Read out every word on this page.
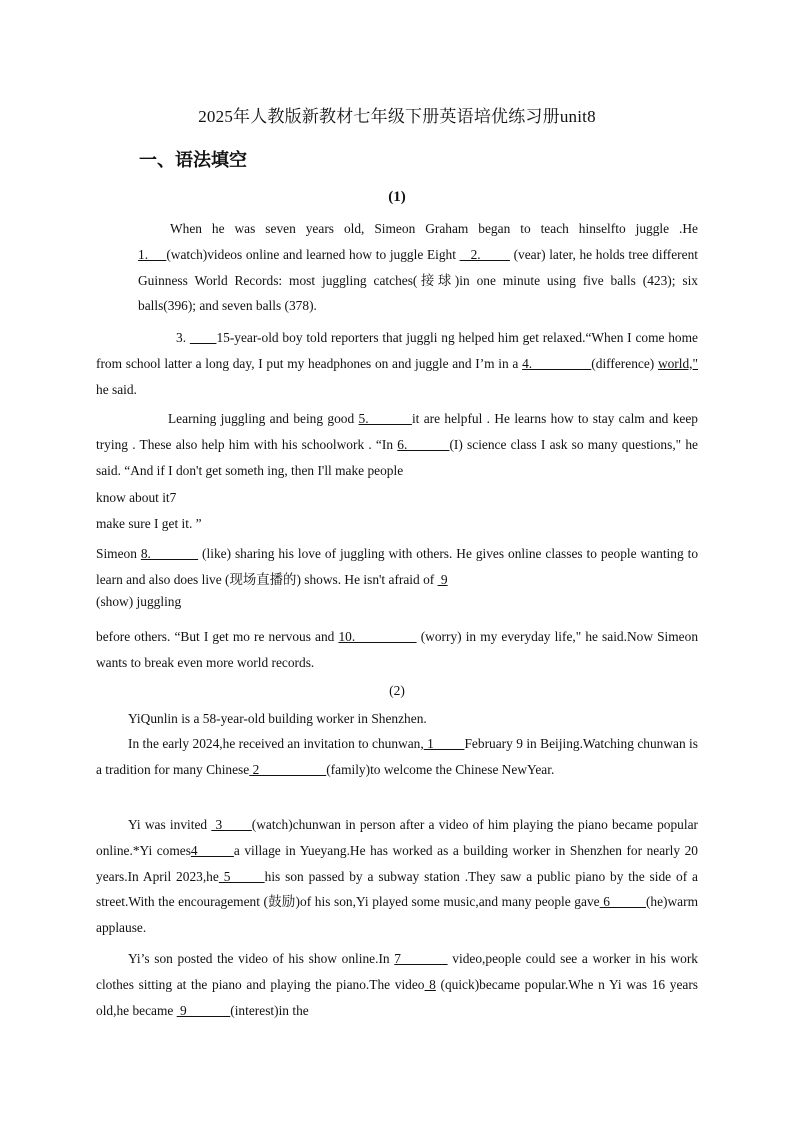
2025年人教版新教材七年级下册英语培优练习册unit8
一、语法填空
(1)

When he was seven years old, Simeon Graham began to teach hinselfto juggle .He 1.     (watch)videos online and learned how to juggle Eight    2.         (vear) later, he holds tree different Guinness World Records: most juggling catches(接球)in one minute using five balls (423); six balls(396); and seven balls (378).

3.        15-year-old boy told reporters that juggli ng helped him get relaxed.“When I come home from school latter a long day, I put my headphones on and juggle and I’m in a 4.                (difference) world," he said.

Learning juggling and being good 5.          it are helpful . He learns how to stay calm and keep trying . These also help him with his schoolwork . “In 6.          (I) science class I ask so many questions," he said. “And if I don't get someth ing, then I'll make people

know about it7

make sure I get it. ”

Simeon 8.             (like) sharing his love of juggling with others. He gives online classes to people wanting to learn and also does live (现场直播的) shows. He isn't afraid of  9

(show) juggling

before others. “But I get mo re nervous and 10.                (worry) in my everyday life," he said.Now Simeon wants to break even more world records.

(2)

YiQunlin is a 58-year-old building worker in Shenzhen.

In the early 2024,he received an invitation to chunwan, 1         February 9 in Beijing.Watching chunwan is a tradition for many Chinese 2                    (family)to welcome the Chinese NewYear.

Yi was invited  3       (watch)chunwan in person after a video of him playing the piano became popular online.*Yi comes4        a village in Yueyang.He has worked as a building worker in Shenzhen for nearly 20 years.In April 2023,he 5       his son passed by a subway station .They saw a public piano by the side of a street.With the encouragement (鼓励)of his son,Yi played some music,and many people gave 6          (he)warm applause.

Yi’s son posted the video of his show online.In 7           video,people could see a worker in his work clothes sitting at the piano and playing the piano.The video 8 (quick)became popular.Whe n Yi was 16 years old,he became  9             (interest)in the
